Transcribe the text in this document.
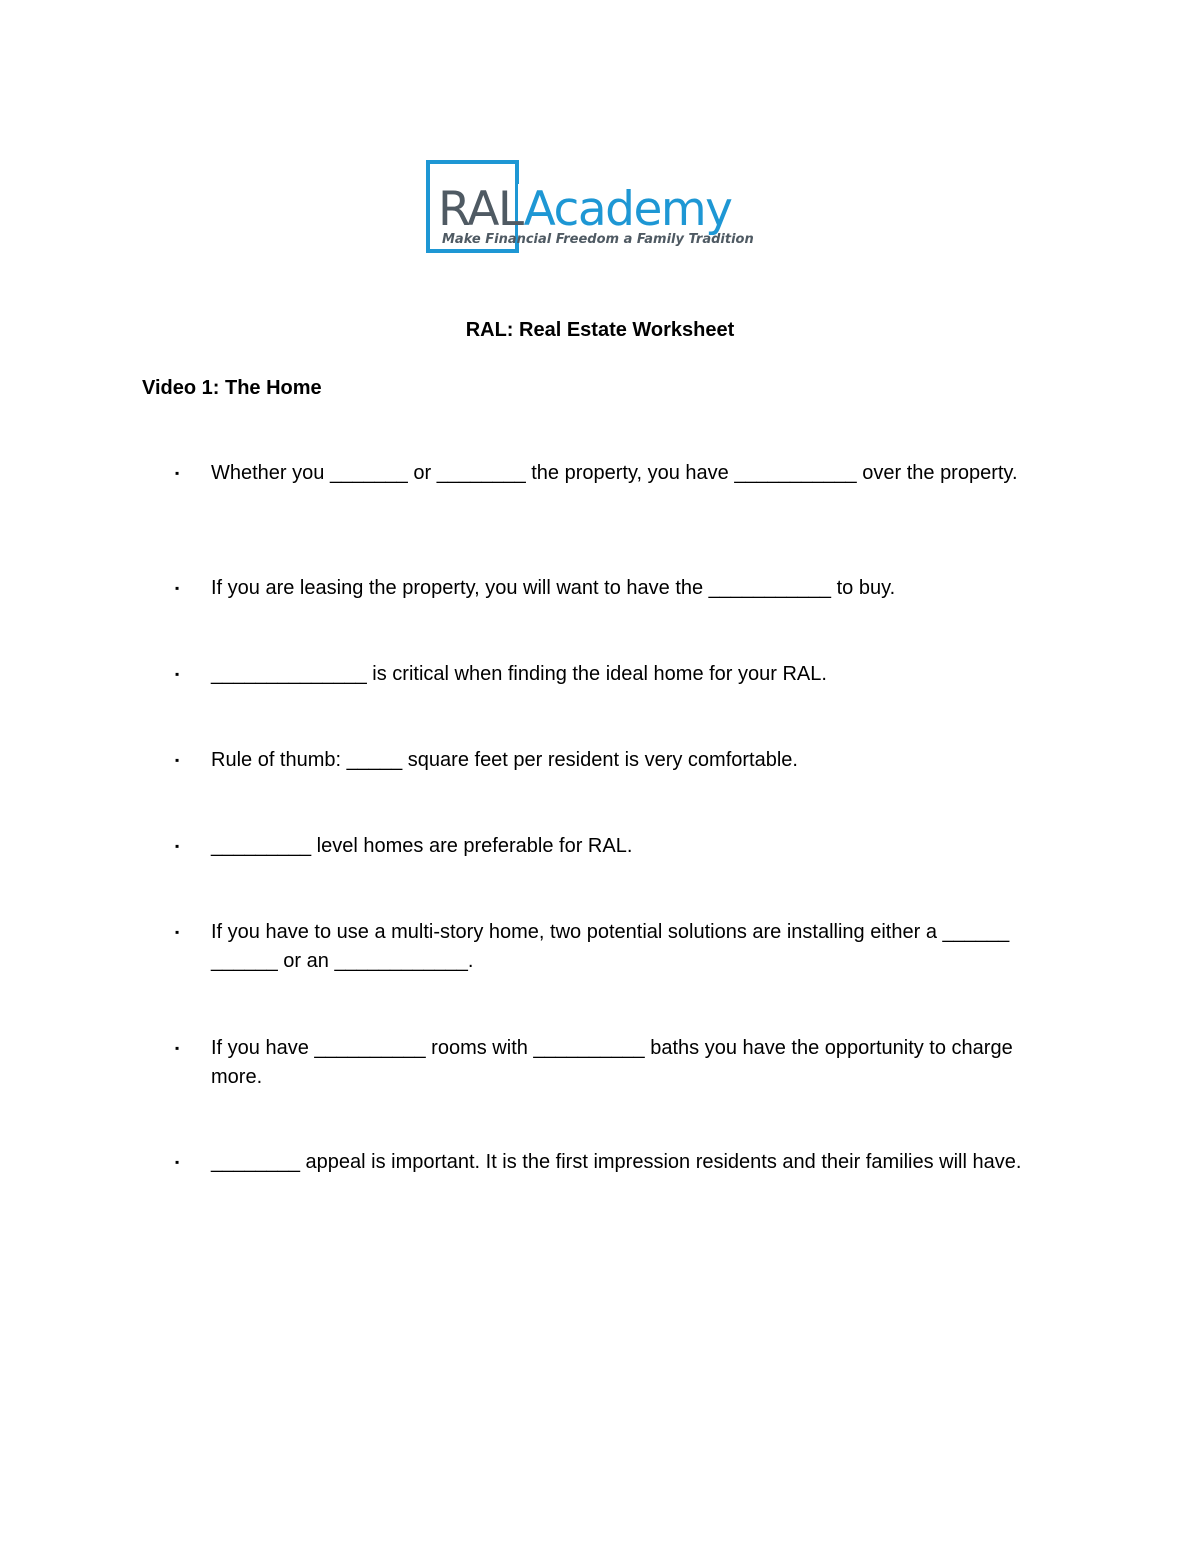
RALAcademy
Make Financial Freedom a Family Tradition
RAL: Real Estate Worksheet
Video 1: The Home
▪	Whether you _______ or ________ the property, you have ___________ over the property.
▪	If you are leasing the property, you will want to have the ___________ to buy.
▪	______________ is critical when finding the ideal home for your RAL.
▪	Rule of thumb: _____ square feet per resident is very comfortable.
▪	_________ level homes are preferable for RAL.
▪	If you have to use a multi-story home, two potential solutions are installing either a ______ ______ or an ____________.
▪	If you have __________ rooms with __________ baths you have the opportunity to charge more.
▪	________ appeal is important. It is the first impression residents and their families will have.
